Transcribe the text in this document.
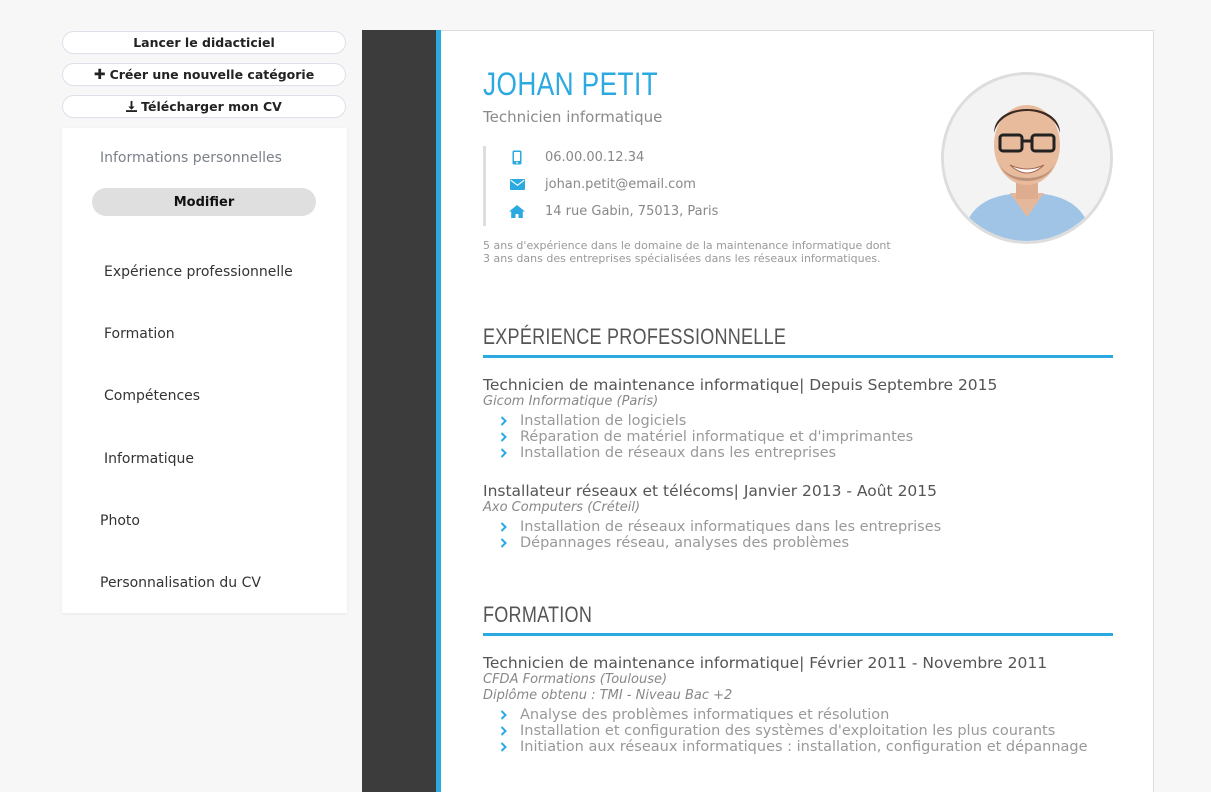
Lancer le didacticiel
✚ Créer une nouvelle catégorie
Télécharger mon CV
Informations personnelles
Modifier
Expérience professionnelle
Formation
Compétences
Informatique
Photo
Personnalisation du CV
JOHAN PETIT
Technicien informatique
06.00.00.12.34
johan.petit@email.com
14 rue Gabin, 75013, Paris
5 ans d'expérience dans le domaine de la maintenance informatique dont
3 ans dans des entreprises spécialisées dans les réseaux informatiques.
EXPÉRIENCE PROFESSIONNELLE
Technicien de maintenance informatique| Depuis Septembre 2015
Gicom Informatique (Paris)
Installation de logiciels
Réparation de matériel informatique et d'imprimantes
Installation de réseaux dans les entreprises
Installateur réseaux et télécoms| Janvier 2013 - Août 2015
Axo Computers (Créteil)
Installation de réseaux informatiques dans les entreprises
Dépannages réseau, analyses des problèmes
FORMATION
Technicien de maintenance informatique| Février 2011 - Novembre 2011
CFDA Formations (Toulouse)
Diplôme obtenu : TMI - Niveau Bac +2
Analyse des problèmes informatiques et résolution
Installation et configuration des systèmes d'exploitation les plus courants
Initiation aux réseaux informatiques : installation, configuration et dépannage
